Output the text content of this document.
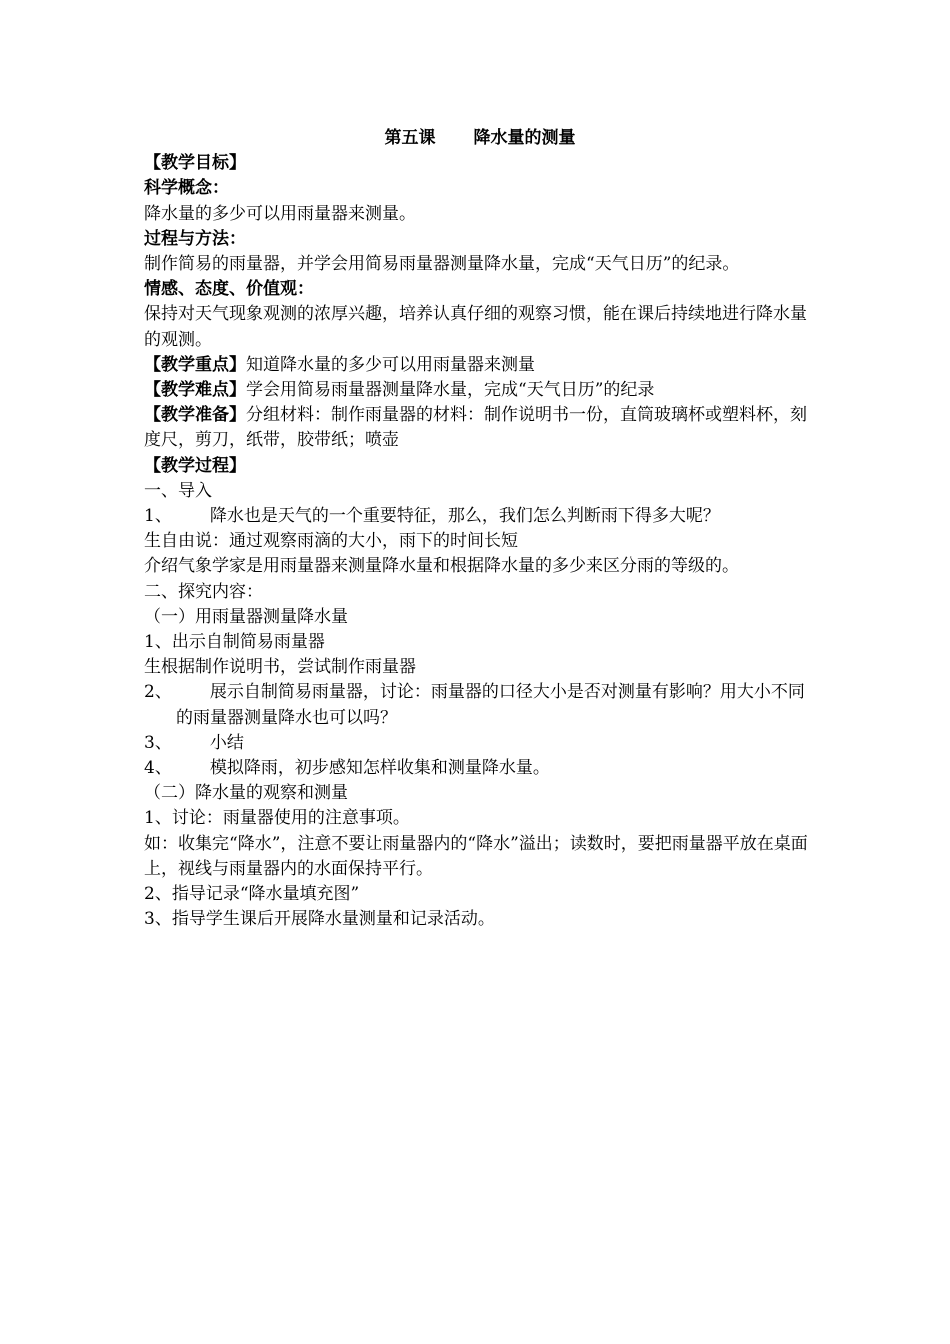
第五课 降水量的测量
【教学目标】
科学概念：
降水量的多少可以用雨量器来测量。
过程与方法：
制作简易的雨量器，并学会用简易雨量器测量降水量，完成“天气日历”的纪录。
情感、态度、价值观：
保持对天气现象观测的浓厚兴趣，培养认真仔细的观察习惯，能在课后持续地进行降水量的观测。
【教学重点】知道降水量的多少可以用雨量器来测量
【教学难点】学会用简易雨量器测量降水量，完成“天气日历”的纪录
【教学准备】分组材料：制作雨量器的材料：制作说明书一份，直筒玻璃杯或塑料杯，刻度尺，剪刀，纸带，胶带纸；喷壶
【教学过程】
一、导入
1、 降水也是天气的一个重要特征，那么，我们怎么判断雨下得多大呢？
生自由说：通过观察雨滴的大小，雨下的时间长短
介绍气象学家是用雨量器来测量降水量和根据降水量的多少来区分雨的等级的。
二、探究内容：
（一）用雨量器测量降水量
1、出示自制简易雨量器
生根据制作说明书，尝试制作雨量器
2、 展示自制简易雨量器，讨论：雨量器的口径大小是否对测量有影响？用大小不同的雨量器测量降水也可以吗？
3、 小结
4、 模拟降雨，初步感知怎样收集和测量降水量。
（二）降水量的观察和测量
1、讨论：雨量器使用的注意事项。
如：收集完“降水”，注意不要让雨量器内的“降水”溢出；读数时，要把雨量器平放在桌面上，视线与雨量器内的水面保持平行。
2、指导记录“降水量填充图”
3、指导学生课后开展降水量测量和记录活动。
